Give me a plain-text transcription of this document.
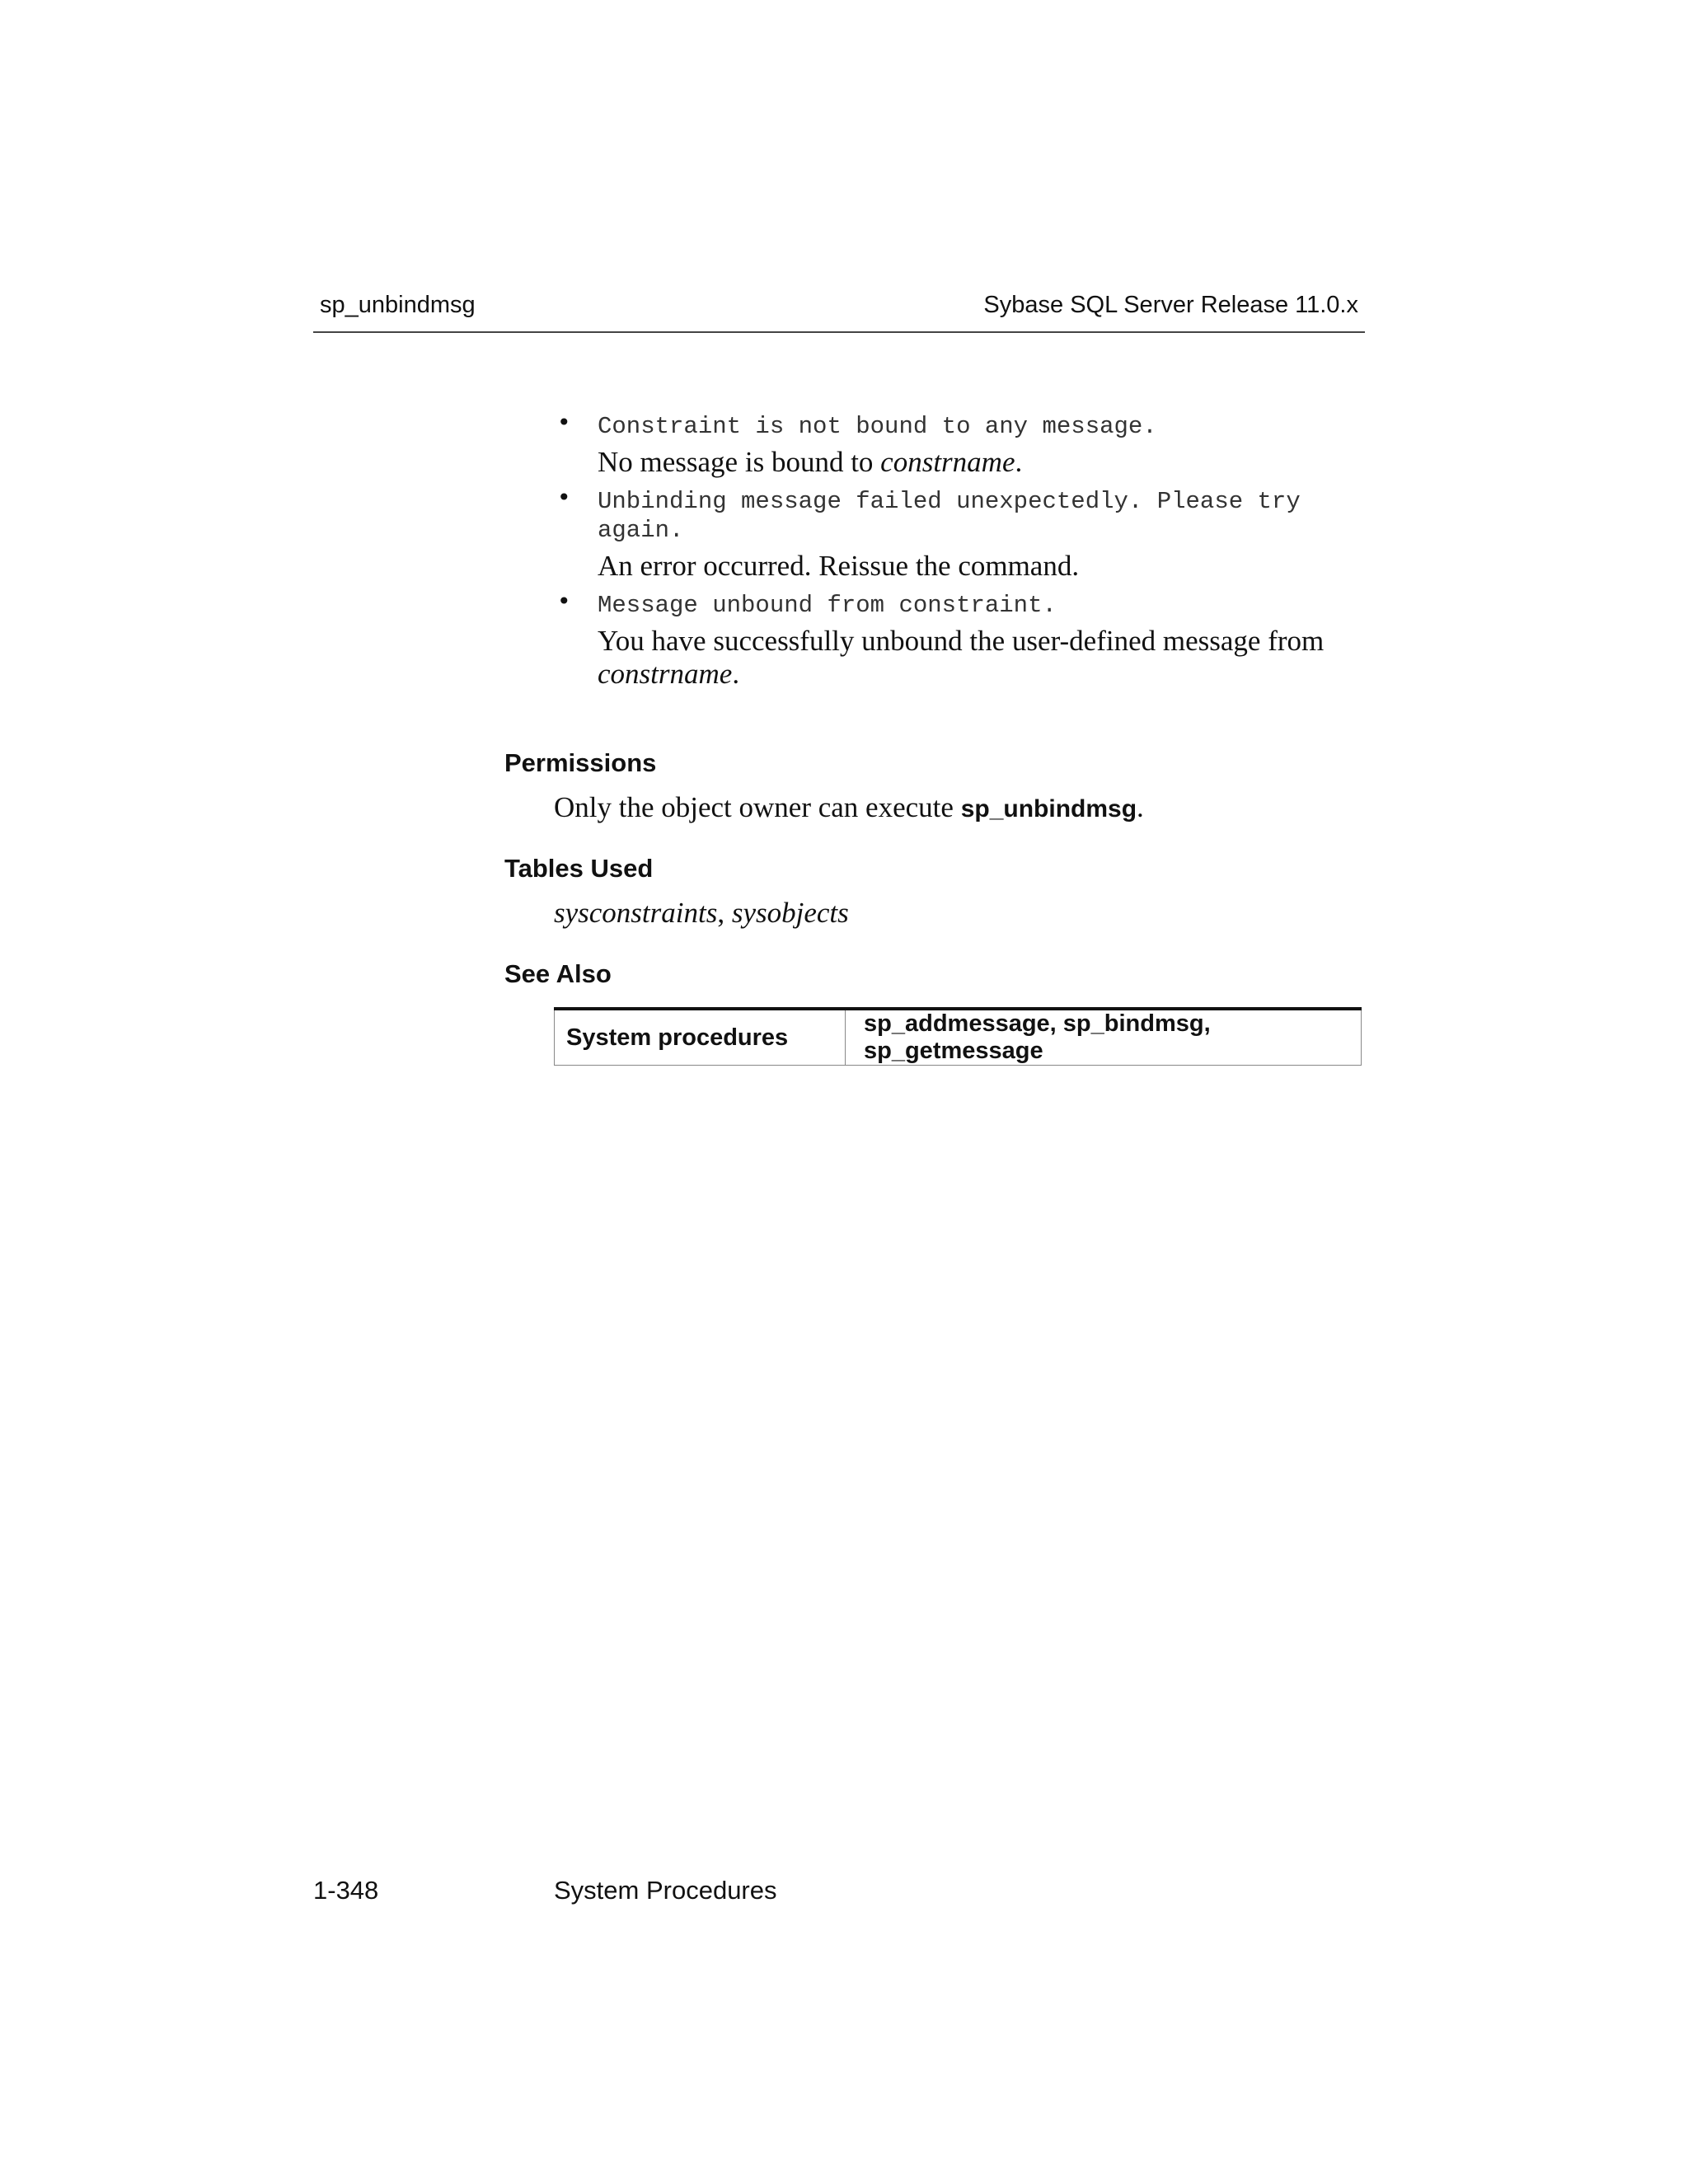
sp_unbindmsg	Sybase SQL Server Release 11.0.x
• Constraint is not bound to any message.
No message is bound to constrname.
• Unbinding message failed unexpectedly. Please try again.
An error occurred. Reissue the command.
• Message unbound from constraint.
You have successfully unbound the user-defined message from constrname.
Permissions
Only the object owner can execute sp_unbindmsg.
Tables Used
sysconstraints, sysobjects
See Also
System procedures	sp_addmessage, sp_bindmsg, sp_getmessage
1-348	System Procedures
